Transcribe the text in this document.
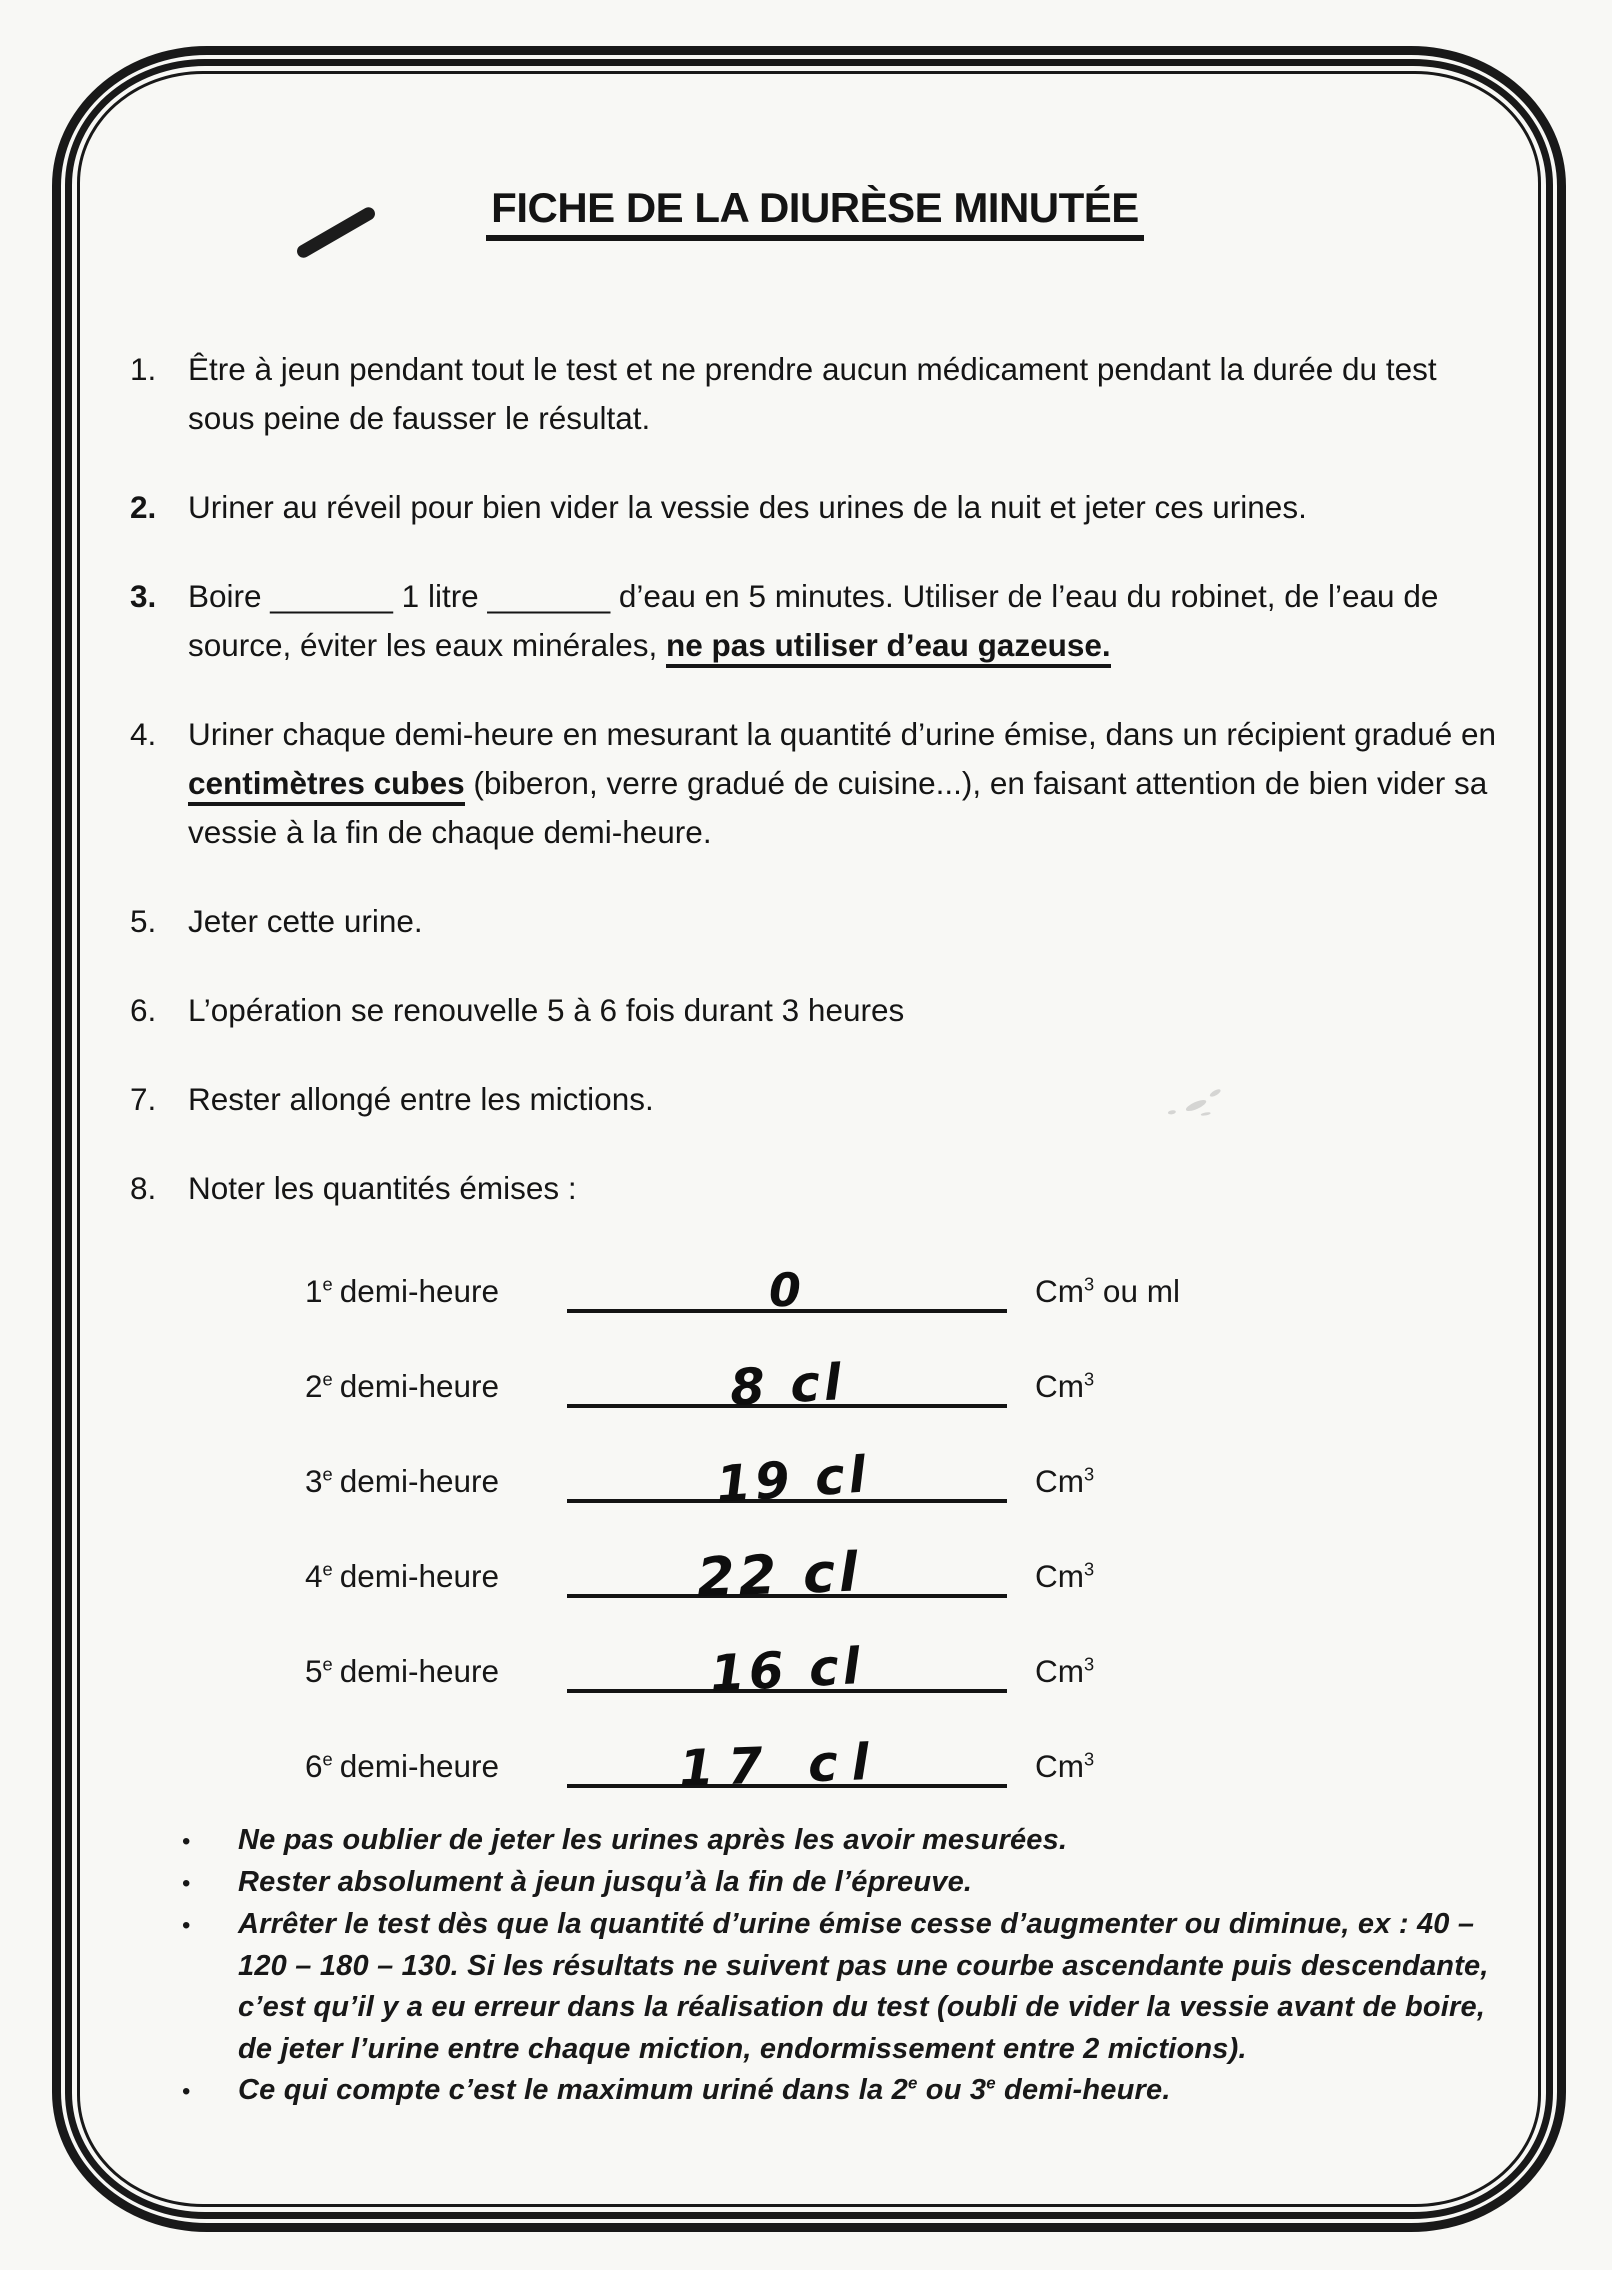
FICHE DE LA DIURÈSE MINUTÉE
1.	Être à jeun pendant tout le test et ne prendre aucun médicament pendant la durée du test sous peine de fausser le résultat.
2.	Uriner au réveil pour bien vider la vessie des urines de la nuit et jeter ces urines.
3.	Boire _______ 1 litre _______ d’eau en 5 minutes. Utiliser de l’eau du robinet, de l’eau de source, éviter les eaux minérales, ne pas utiliser d’eau gazeuse.
4.	Uriner chaque demi-heure en mesurant la quantité d’urine émise, dans un récipient gradué en centimètres cubes (biberon, verre gradué de cuisine...), en faisant attention de bien vider sa vessie à la fin de chaque demi-heure.
5.	Jeter cette urine.
6.	L’opération se renouvelle 5 à 6 fois durant 3 heures
7.	Rester allongé entre les mictions.
8.	Noter les quantités émises :
1e demi-heure	0	Cm$^3$ ou ml
2e demi-heure	8 cl	Cm$^3$
3e demi-heure	19 cl	Cm$^3$
4e demi-heure	22 cl	Cm$^3$
5e demi-heure	16 cl	Cm$^3$
6e demi-heure	17 cl	Cm$^3$
•	Ne pas oublier de jeter les urines après les avoir mesurées.
•	Rester absolument à jeun jusqu’à la fin de l’épreuve.
•	Arrêter le test dès que la quantité d’urine émise cesse d’augmenter ou diminue, ex : 40 – 120 – 180 – 130. Si les résultats ne suivent pas une courbe ascendante puis descendante, c’est qu’il y a eu erreur dans la réalisation du test (oubli de vider la vessie avant de boire, de jeter l’urine entre chaque miction, endormissement entre 2 mictions).
•	Ce qui compte c’est le maximum uriné dans la 2e ou 3e demi-heure.
